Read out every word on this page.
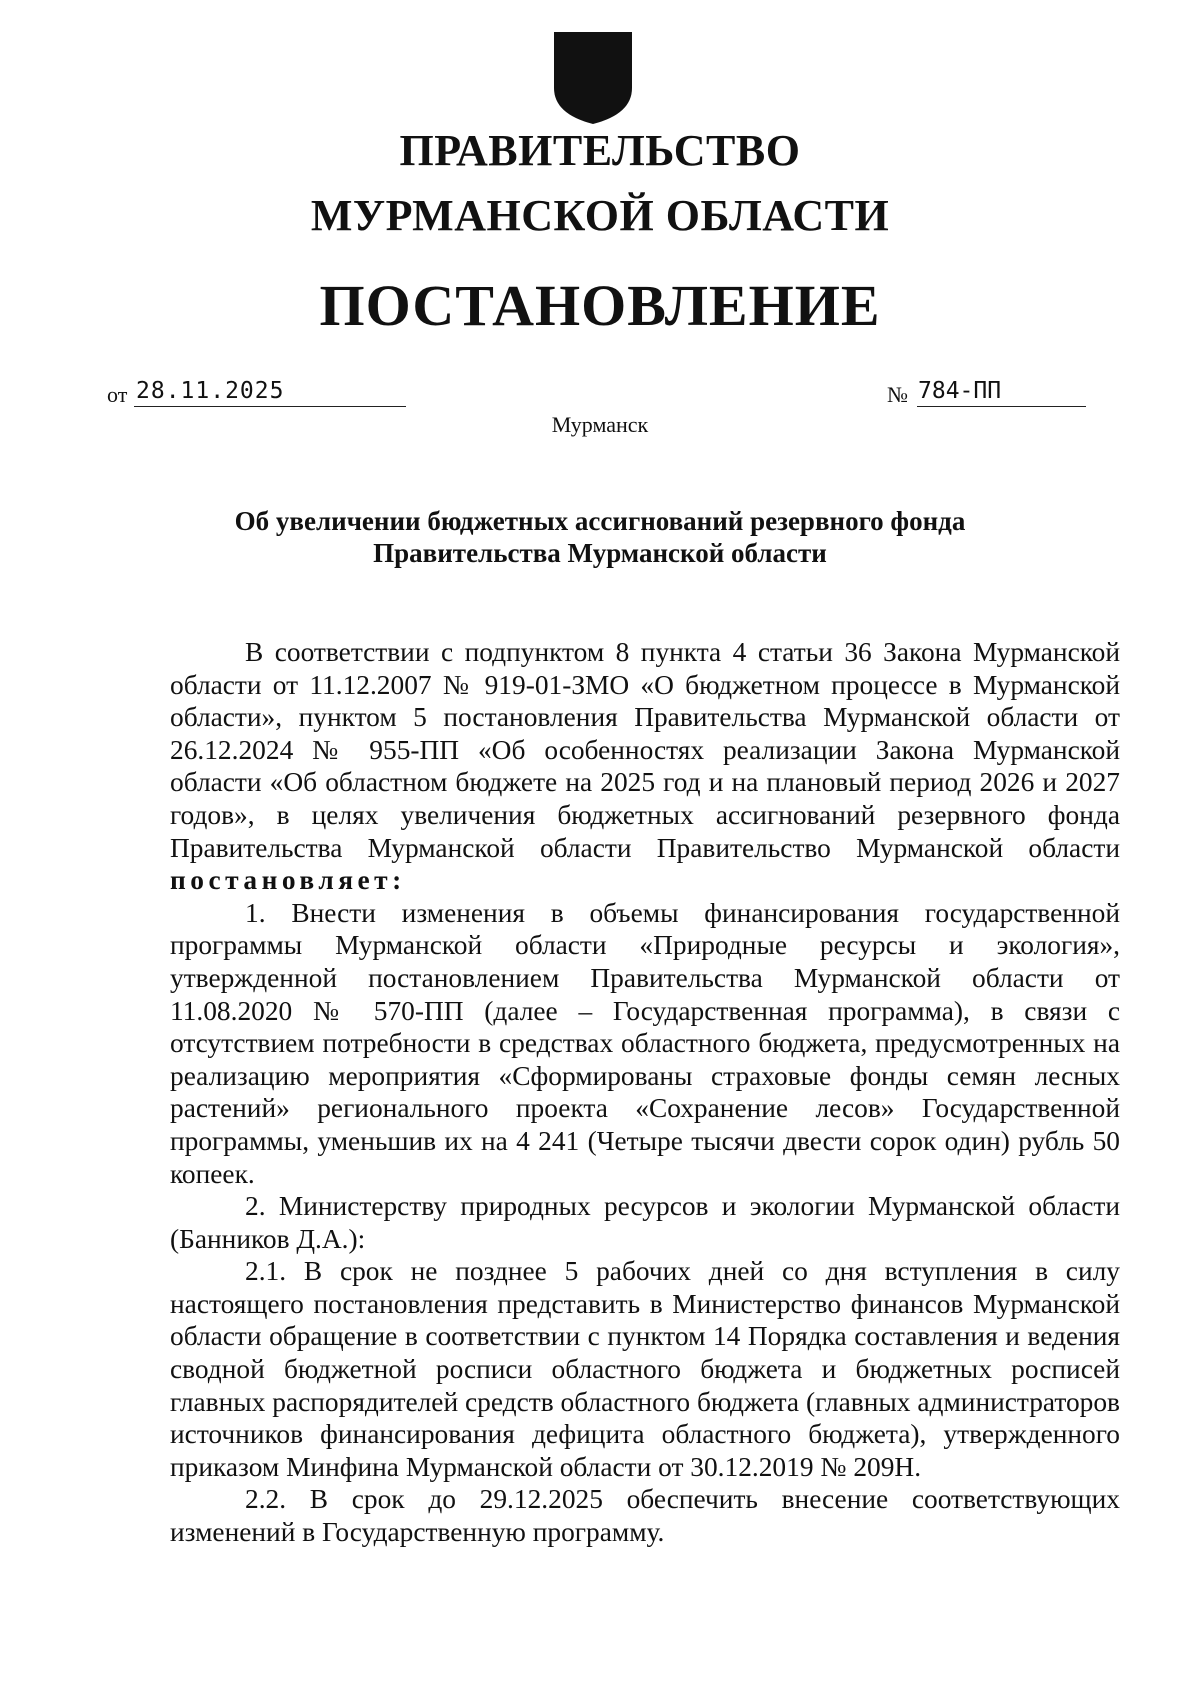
ПРАВИТЕЛЬСТВО
МУРМАНСКОЙ ОБЛАСТИ
ПОСТАНОВЛЕНИЕ
от 28.11.2025	№ 784-ПП
Мурманск
Об увеличении бюджетных ассигнований резервного фонда
Правительства Мурманской области

В соответствии с подпунктом 8 пункта 4 статьи 36 Закона Мурманской области от 11.12.2007 № 919-01-ЗМО «О бюджетном процессе в Мурманской области», пунктом 5 постановления Правительства Мурманской области от 26.12.2024 № 955-ПП «Об особенностях реализации Закона Мурманской области «Об областном бюджете на 2025 год и на плановый период 2026 и 2027 годов», в целях увеличения бюджетных ассигнований резервного фонда Правительства Мурманской области Правительство Мурманской области постановляет:

1. Внести изменения в объемы финансирования государственной программы Мурманской области «Природные ресурсы и экология», утвержденной постановлением Правительства Мурманской области от 11.08.2020 № 570-ПП (далее – Государственная программа), в связи с отсутствием потребности в средствах областного бюджета, предусмотренных на реализацию мероприятия «Сформированы страховые фонды семян лесных растений» регионального проекта «Сохранение лесов» Государственной программы, уменьшив их на 4 241 (Четыре тысячи двести сорок один) рубль 50 копеек.

2. Министерству природных ресурсов и экологии Мурманской области (Банников Д.А.):

2.1. В срок не позднее 5 рабочих дней со дня вступления в силу настоящего постановления представить в Министерство финансов Мурманской области обращение в соответствии с пунктом 14 Порядка составления и ведения сводной бюджетной росписи областного бюджета и бюджетных росписей главных распорядителей средств областного бюджета (главных администраторов источников финансирования дефицита областного бюджета), утвержденного приказом Минфина Мурманской области от 30.12.2019 № 209Н.

2.2. В срок до 29.12.2025 обеспечить внесение соответствующих изменений в Государственную программу.
